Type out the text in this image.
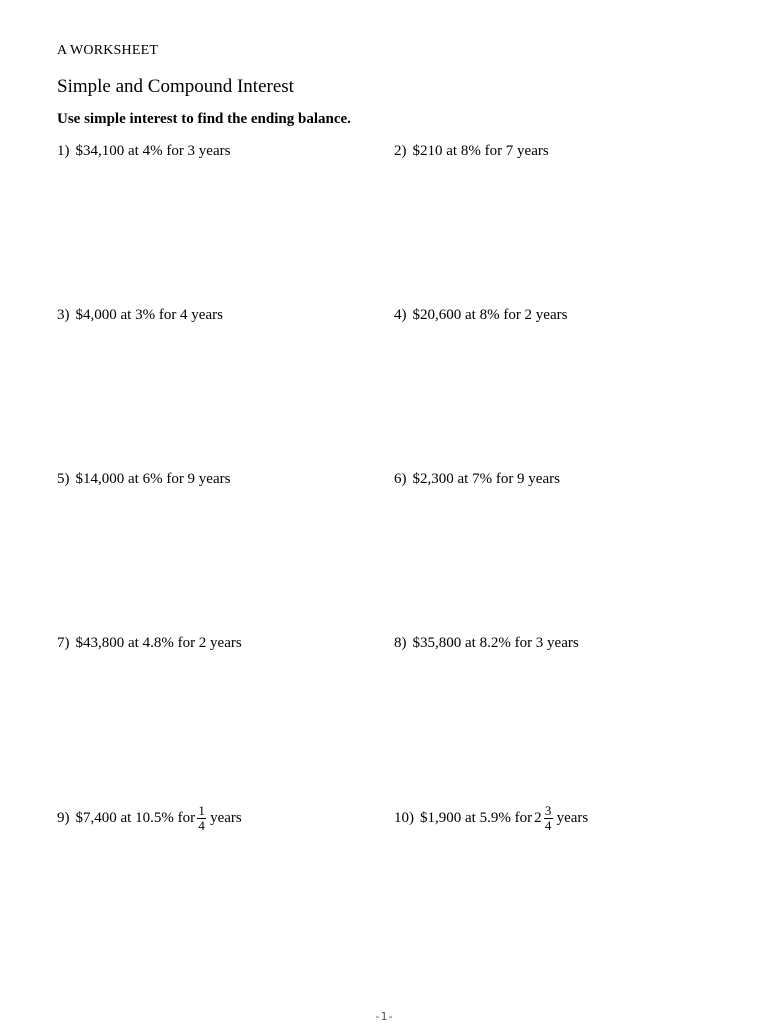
A WORKSHEET
Simple and Compound Interest
Use simple interest to find the ending balance.
1) $34,100 at 4% for 3 years	2) $210 at 8% for 7 years
3) $4,000 at 3% for 4 years	4) $20,600 at 8% for 2 years
5) $14,000 at 6% for 9 years	6) $2,300 at 7% for 9 years
7) $43,800 at 4.8% for 2 years	8) $35,800 at 8.2% for 3 years
9) $7,400 at 10.5% for $\frac{1}{4}$ years	10) $1,900 at 5.9% for $2 \frac{3}{4}$ years
-1-
